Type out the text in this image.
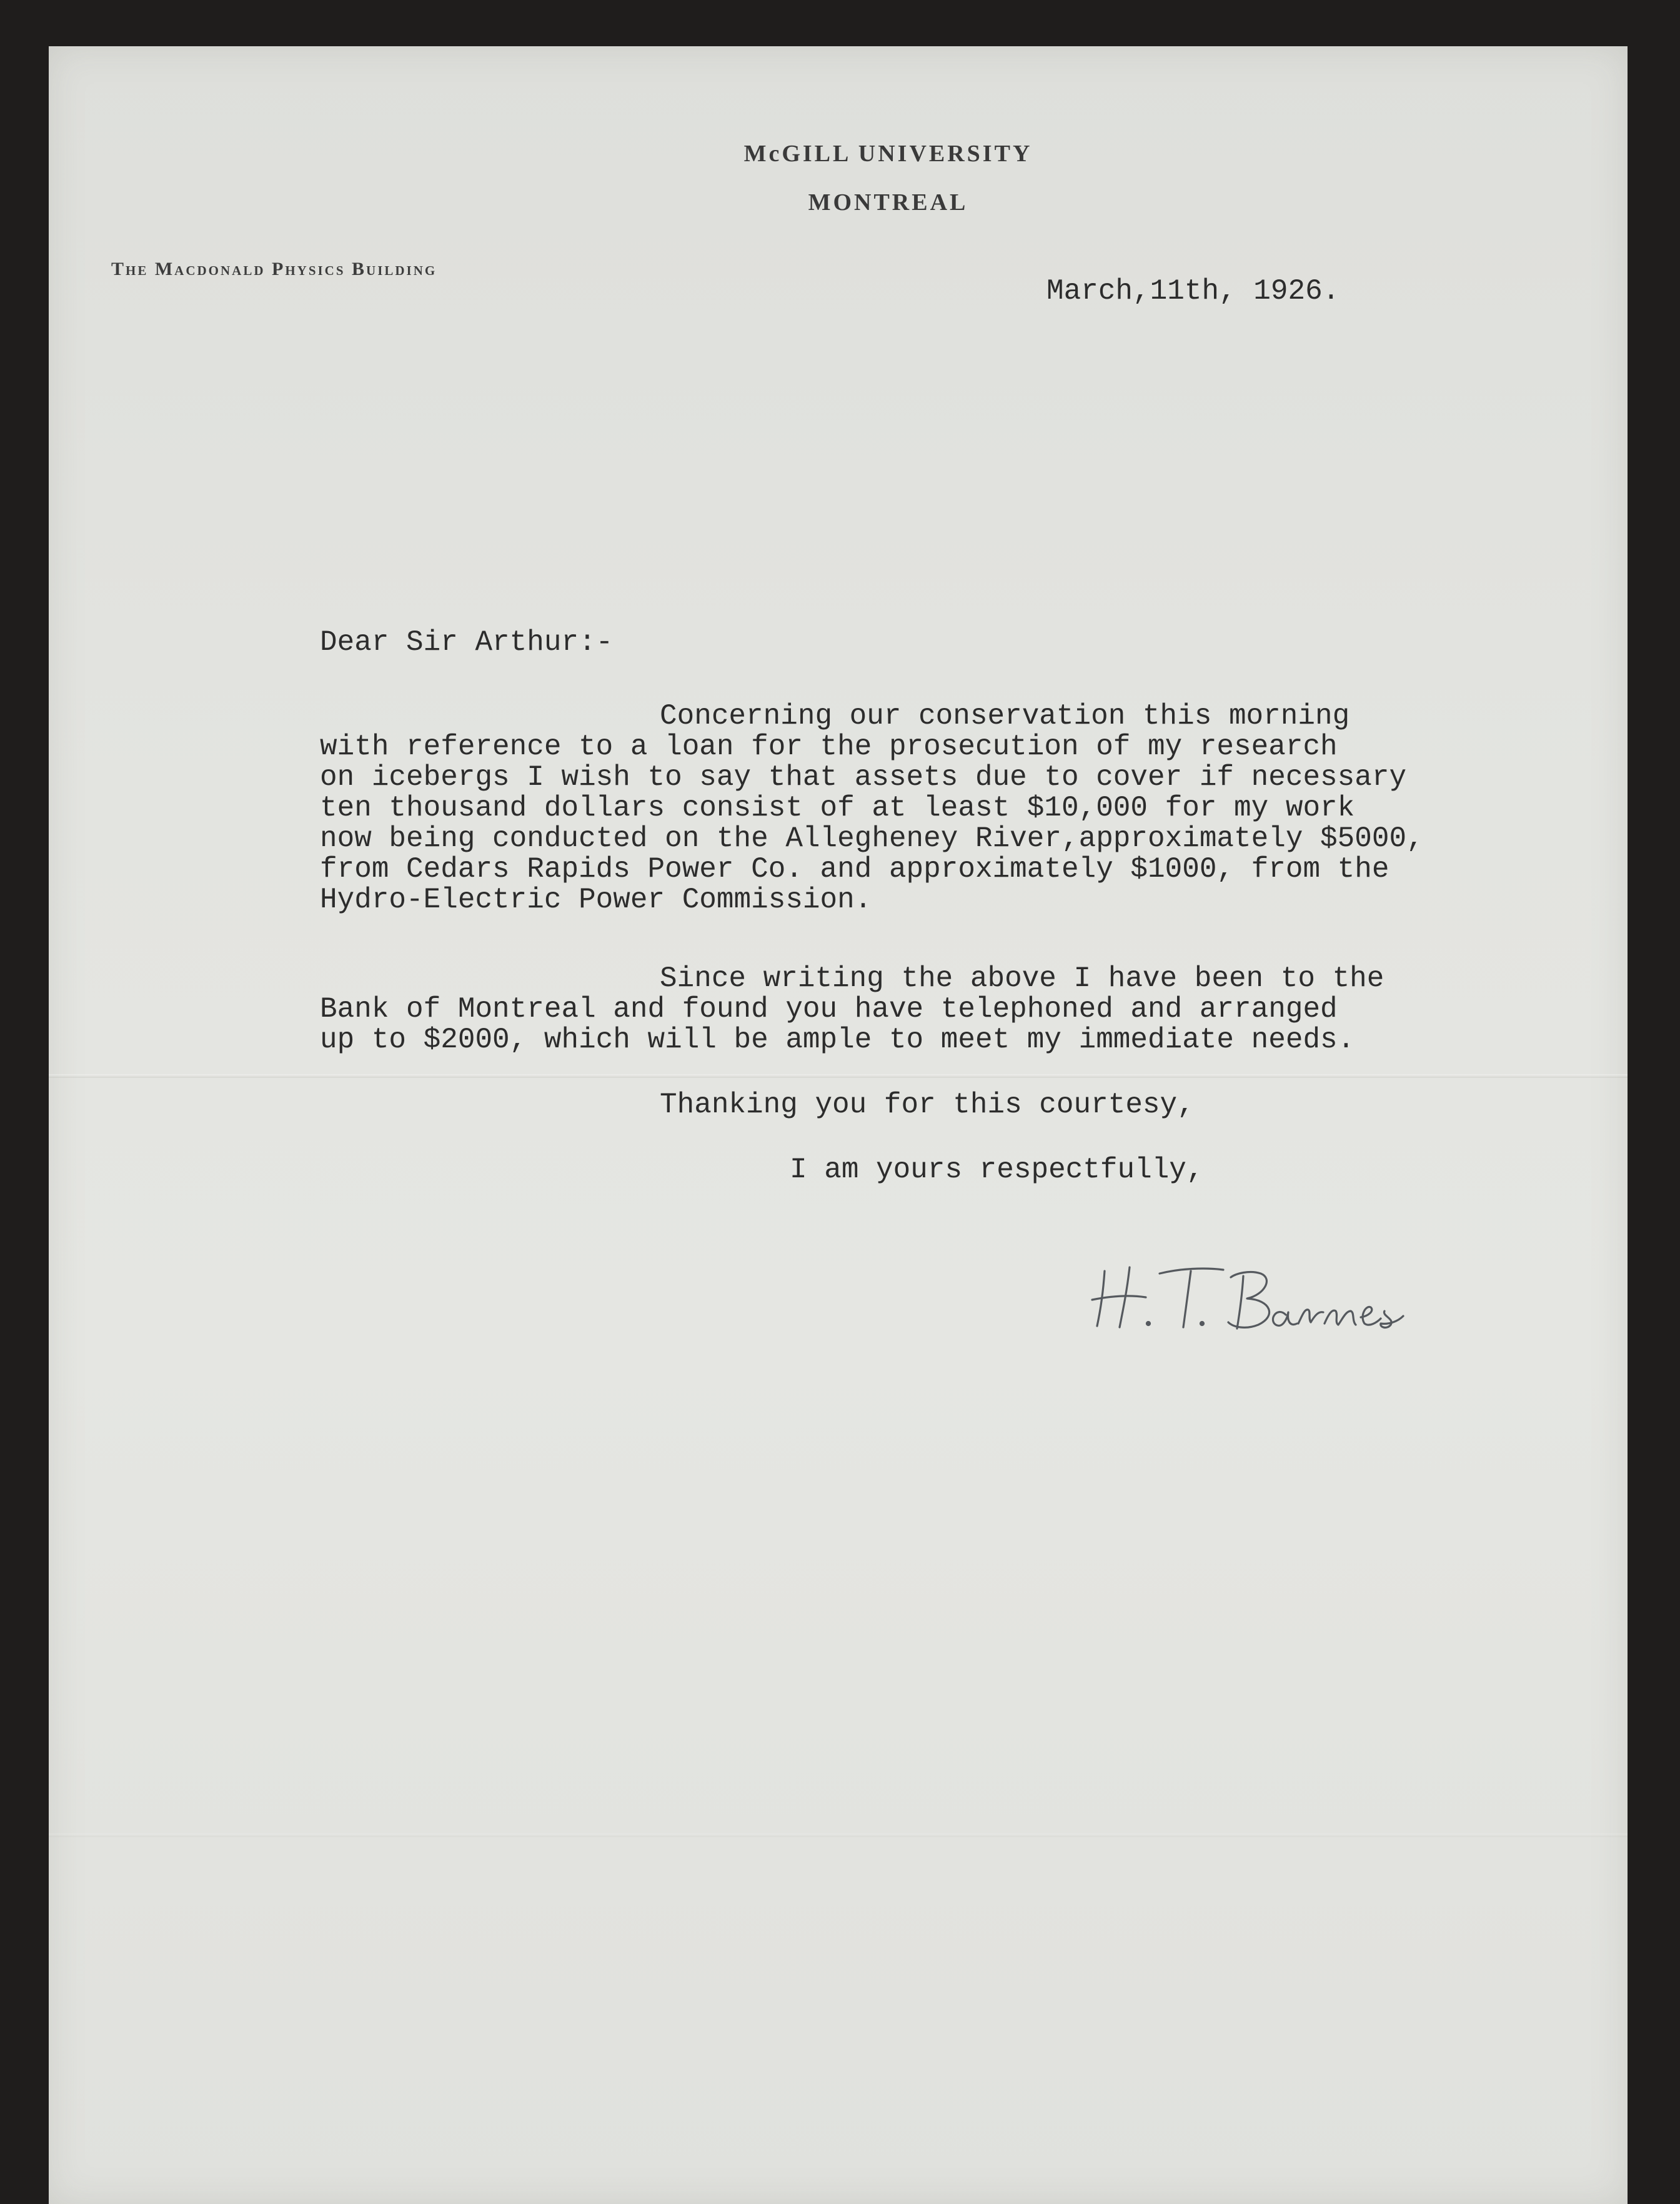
McGILL UNIVERSITY
MONTREAL
The Macdonald Physics Building
March,11th, 1926.
Dear Sir Arthur:-
Concerning our conservation this morning
with reference to a loan for the prosecution of my research
on icebergs I wish to say that assets due to cover if necessary
ten thousand dollars consist of at least $10,000 for my work
now being conducted on the Allegheney River,approximately $5000,
from Cedars Rapids Power Co. and approximately $1000, from the
Hydro-Electric Power Commission.
Since writing the above I have been to the
Bank of Montreal and found you have telephoned and arranged
up to $2000, which will be ample to meet my immediate needs.
Thanking you for this courtesy,
I am yours respectfully,
